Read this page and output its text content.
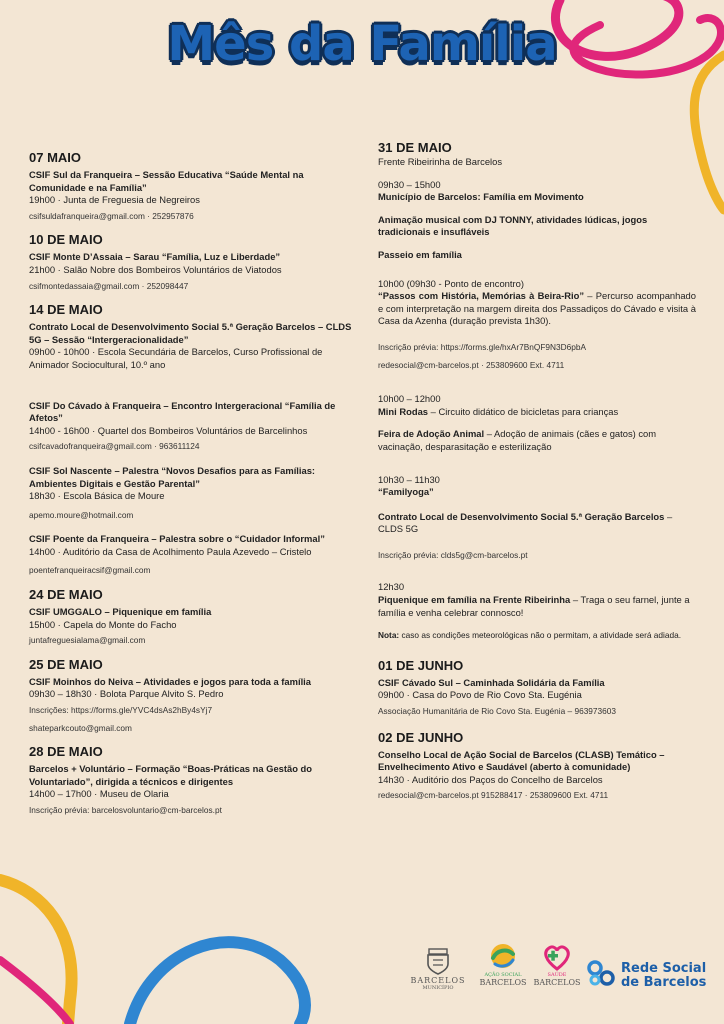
Mês da Família
07 MAIO

CSIF Sul da Franqueira – Sessão Educativa “Saúde Mental na Comunidade e na Família”

19h00 · Junta de Freguesia de Negreiros

csifsuldafranqueira@gmail.com · 252957876

10 DE MAIO

CSIF Monte D’Assaia – Sarau “Família, Luz e Liberdade”

21h00 · Salão Nobre dos Bombeiros Voluntários de Viatodos

csifmontedassaia@gmail.com · 252098447

14 DE MAIO

Contrato Local de Desenvolvimento Social 5.ª Geração Barcelos – CLDS 5G – Sessão “Intergeracionalidade”

09h00 - 10h00 · Escola Secundária de Barcelos, Curso Profissional de Animador Sociocultural, 10.º ano

CSIF Do Cávado à Franqueira – Encontro Intergeracional “Família de Afetos”

14h00 - 16h00 · Quartel dos Bombeiros Voluntários de Barcelinhos

csifcavadofranqueira@gmail.com · 963611124

CSIF Sol Nascente – Palestra “Novos Desafios para as Famílias: Ambientes Digitais e Gestão Parental”

18h30 · Escola Básica de Moure

apemo.moure@hotmail.com

CSIF Poente da Franqueira – Palestra sobre o “Cuidador Informal”

14h00 · Auditório da Casa de Acolhimento Paula Azevedo – Cristelo

poentefranqueiracsif@gmail.com

24 DE MAIO

CSIF UMGGALO – Piquenique em família

15h00 · Capela do Monte do Facho

juntafreguesialama@gmail.com

25 DE MAIO

CSIF Moinhos do Neiva – Atividades e jogos para toda a família

09h30 – 18h30 · Bolota Parque Alvito S. Pedro

Inscrições: https://forms.gle/YVC4dsAs2hBy4sYj7

shateparkcouto@gmail.com

28 DE MAIO

Barcelos + Voluntário – Formação “Boas-Práticas na Gestão do Voluntariado”, dirigida a técnicos e dirigentes

14h00 – 17h00 · Museu de Olaria

Inscrição prévia: barcelosvoluntario@cm-barcelos.pt

31 DE MAIO

Frente Ribeirinha de Barcelos

09h30 – 15h00

Município de Barcelos: Família em Movimento

Animação musical com DJ TONNY, atividades lúdicas, jogos tradicionais e insufláveis

Passeio em família

10h00 (09h30 - Ponto de encontro)

“Passos com História, Memórias à Beira-Rio” – Percurso acompanhado e com interpretação na margem direita dos Passadiços do Cávado e visita à Casa da Azenha (duração prevista 1h30).

Inscrição prévia: https://forms.gle/hxAr7BnQF9N3D6pbA

redesocial@cm-barcelos.pt · 253809600 Ext. 4711

10h00 – 12h00

Mini Rodas – Circuito didático de bicicletas para crianças

Feira de Adoção Animal – Adoção de animais (cães e gatos) com vacinação, desparasitação e esterilização

10h30 – 11h30

“Familyoga”

Contrato Local de Desenvolvimento Social 5.ª Geração Barcelos – CLDS 5G

Inscrição prévia: clds5g@cm-barcelos.pt

12h30

Piquenique em família na Frente Ribeirinha – Traga o seu farnel, junte a família e venha celebrar connosco!

Nota: caso as condições meteorológicas não o permitam, a atividade será adiada.

01 DE JUNHO

CSIF Cávado Sul – Caminhada Solidária da Família

09h00 · Casa do Povo de Rio Covo Sta. Eugénia

Associação Humanitária de Rio Covo Sta. Eugénia – 963973603

02 DE JUNHO

Conselho Local de Ação Social de Barcelos (CLASB) Temático – Envelhecimento Ativo e Saudável (aberto à comunidade)

14h30 · Auditório dos Paços do Concelho de Barcelos

redesocial@cm-barcelos.pt 915288417 · 253809600 Ext. 4711

BARCELOS
MUNICÍPIO
AÇÃO SOCIAL
BARCELOS
SAÚDE
BARCELOS
Rede Social
de Barcelos
